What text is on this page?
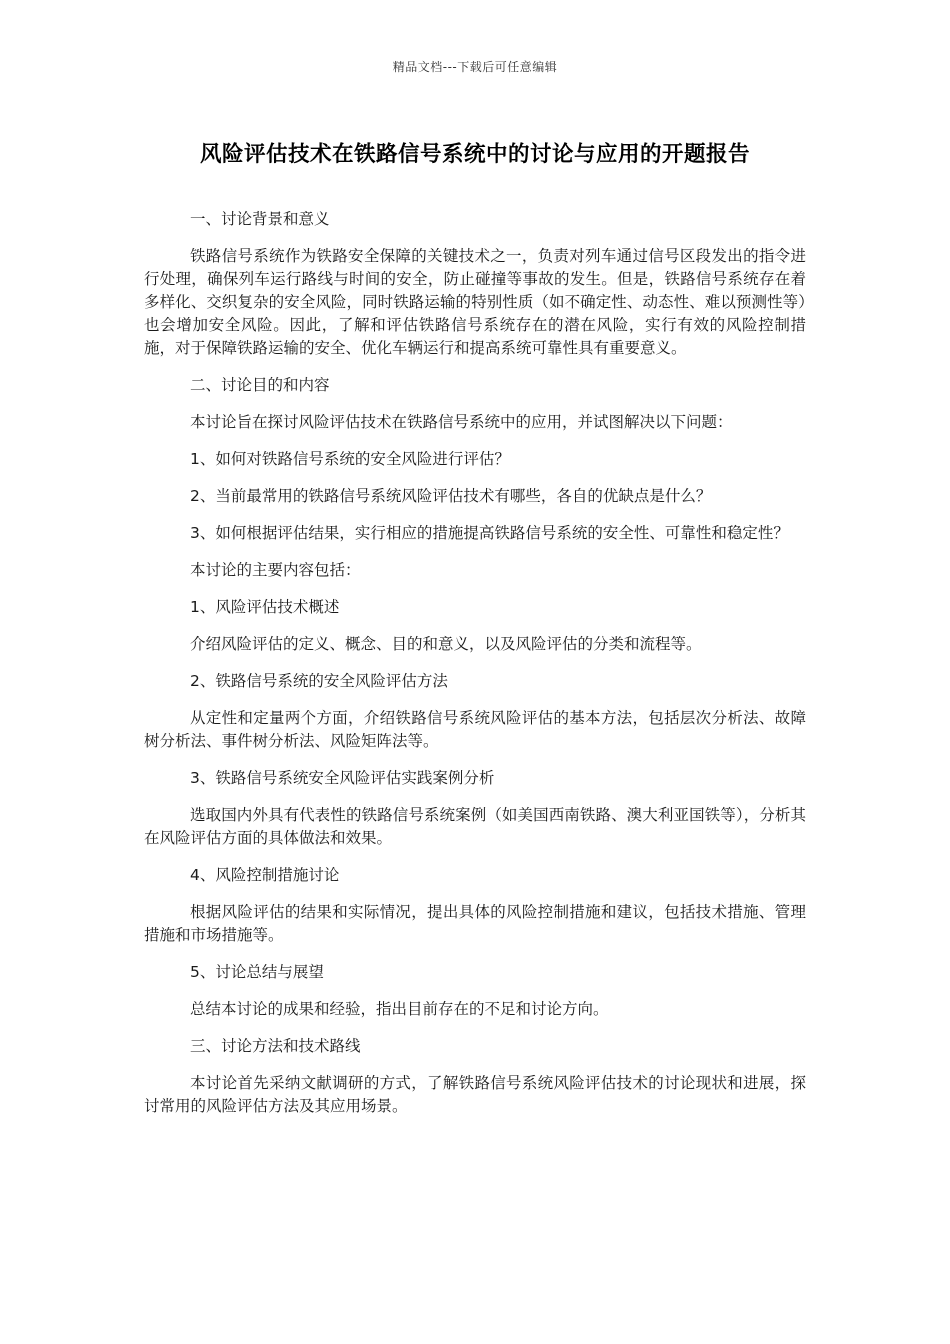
精品文档---下载后可任意编辑
风险评估技术在铁路信号系统中的讨论与应用的开题报告

一、讨论背景和意义

铁路信号系统作为铁路安全保障的关键技术之一，负责对列车通过信号区段发出的指令进行处理，确保列车运行路线与时间的安全，防止碰撞等事故的发生。但是，铁路信号系统存在着多样化、交织复杂的安全风险，同时铁路运输的特别性质（如不确定性、动态性、难以预测性等）也会增加安全风险。因此，了解和评估铁路信号系统存在的潜在风险，实行有效的风险控制措施，对于保障铁路运输的安全、优化车辆运行和提高系统可靠性具有重要意义。

二、讨论目的和内容

本讨论旨在探讨风险评估技术在铁路信号系统中的应用，并试图解决以下问题：

1、如何对铁路信号系统的安全风险进行评估？

2、当前最常用的铁路信号系统风险评估技术有哪些，各自的优缺点是什么？

3、如何根据评估结果，实行相应的措施提高铁路信号系统的安全性、可靠性和稳定性？

本讨论的主要内容包括：

1、风险评估技术概述

介绍风险评估的定义、概念、目的和意义，以及风险评估的分类和流程等。

2、铁路信号系统的安全风险评估方法

从定性和定量两个方面，介绍铁路信号系统风险评估的基本方法，包括层次分析法、故障树分析法、事件树分析法、风险矩阵法等。

3、铁路信号系统安全风险评估实践案例分析

选取国内外具有代表性的铁路信号系统案例（如美国西南铁路、澳大利亚国铁等），分析其在风险评估方面的具体做法和效果。

4、风险控制措施讨论

根据风险评估的结果和实际情况，提出具体的风险控制措施和建议，包括技术措施、管理措施和市场措施等。

5、讨论总结与展望

总结本讨论的成果和经验，指出目前存在的不足和讨论方向。

三、讨论方法和技术路线

本讨论首先采纳文献调研的方式，了解铁路信号系统风险评估技术的讨论现状和进展，探讨常用的风险评估方法及其应用场景。
